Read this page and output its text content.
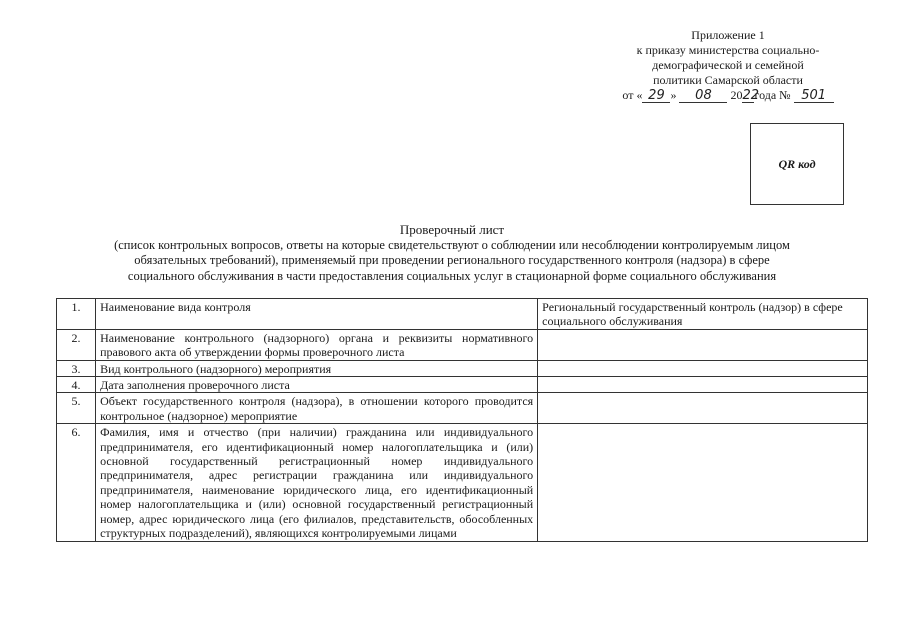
Приложение 1
к приказу министерства социально-
демографической и семейной
политики Самарской области
от « 29 » 08 2022года № 501
QR код
Проверочный лист
(список контрольных вопросов, ответы на которые свидетельствуют о соблюдении или несоблюдении контролируемым лицом
обязательных требований), применяемый при проведении регионального государственного контроля (надзора) в сфере
социального обслуживания в части предоставления социальных услуг в стационарной форме социального обслуживания
1.	Наименование вида контроля	Региональный государственный контроль (надзор) в сфере социального обслуживания
2.	Наименование контрольного (надзорного) органа и реквизиты нормативного правового акта об утверждении формы проверочного листа	
3.	Вид контрольного (надзорного) мероприятия	
4.	Дата заполнения проверочного листа	
5.	Объект государственного контроля (надзора), в отношении которого проводится контрольное (надзорное) мероприятие	
6.	Фамилия, имя и отчество (при наличии) гражданина или индивидуального предпринимателя, его идентификационный номер налогоплательщика и (или) основной государственный регистрационный номер индивидуального предпринимателя, адрес регистрации гражданина или индивидуального предпринимателя, наименование юридического лица, его идентификационный номер налогоплательщика и (или) основной государственный регистрационный номер, адрес юридического лица (его филиалов, представительств, обособленных структурных подразделений), являющихся контролируемыми лицами	
